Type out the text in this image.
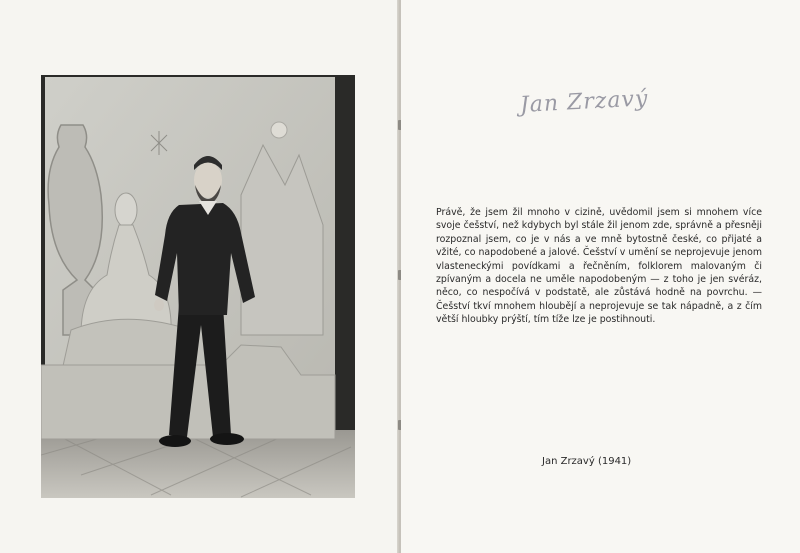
Jan Zrzavý
Právě, že jsem žil mnoho v cizině, uvědomil jsem si mnohem více svoje češství, než kdybych byl stále žil jenom zde, správně a přesněji rozpoznal jsem, co je v nás a ve mně bytostně české, co přijaté a vžité, co napodobené a jalové. Češství v umění se neprojevuje jenom vlasteneckými povídkami a řečněním, folklorem malovaným či zpívaným a docela ne uměle napodobeným — z toho je jen svéráz, něco, co nespočívá v podstatě, ale zůstává hodně na povrchu. — Češství tkví mnohem hloubějí a neprojevuje se tak nápadně, a z čím větší hloubky prýští, tím tíže lze je postihnouti.
Jan Zrzavý (1941)
